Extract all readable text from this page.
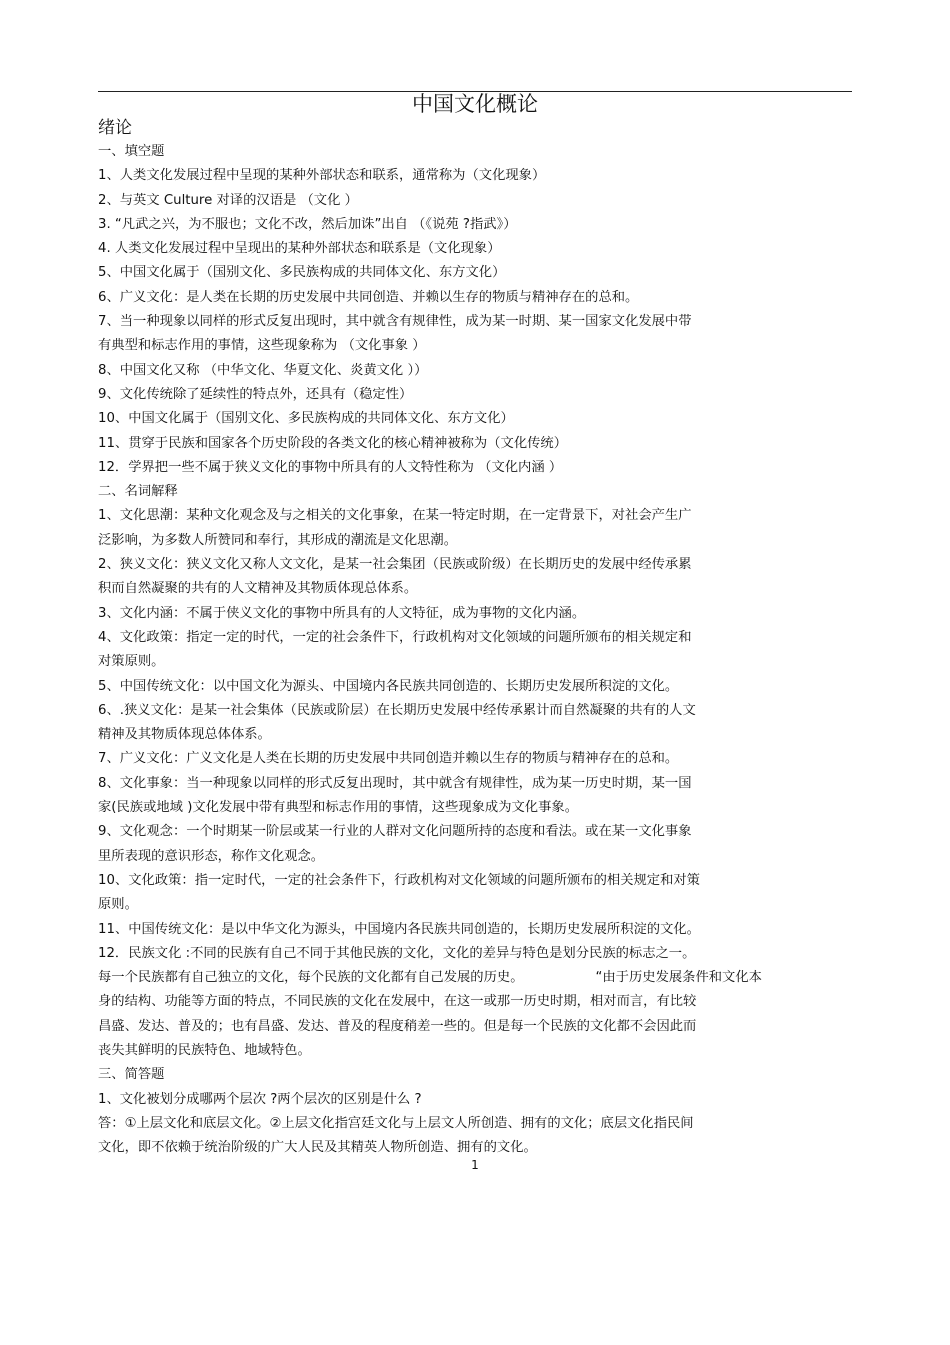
中国文化概论
绪论
一、填空题
1、人类文化发展过程中呈现的某种外部状态和联系，通常称为（文化现象）
2、与英文 Culture 对译的汉语是 （文化 ）
3. “凡武之兴，为不服也；文化不改，然后加诛”出自 （《说苑 ?指武》）
4. 人类文化发展过程中呈现出的某种外部状态和联系是（文化现象）
5、中国文化属于（国别文化、多民族构成的共同体文化、东方文化）
6、广义文化：是人类在长期的历史发展中共同创造、并赖以生存的物质与精神存在的总和。
7、当一种现象以同样的形式反复出现时，其中就含有规律性，成为某一时期、某一国家文化发展中带
有典型和标志作用的事情，这些现象称为 （文化事象 ）
8、中国文化又称 （中华文化、华夏文化、炎黄文化 ））
9、文化传统除了延续性的特点外，还具有（稳定性）
10、中国文化属于（国别文化、多民族构成的共同体文化、东方文化）
11、贯穿于民族和国家各个历史阶段的各类文化的核心精神被称为（文化传统）
12．学界把一些不属于狭义文化的事物中所具有的人文特性称为 （文化内涵 ）
二、名词解释
1、文化思潮：某种文化观念及与之相关的文化事象，在某一特定时期，在一定背景下，对社会产生广
泛影响，为多数人所赞同和奉行，其形成的潮流是文化思潮。
2、狭义文化：狭义文化又称人文文化，是某一社会集团（民族或阶级）在长期历史的发展中经传承累
积而自然凝聚的共有的人文精神及其物质体现总体系。
3、文化内涵：不属于侠义文化的事物中所具有的人文特征，成为事物的文化内涵。
4、文化政策：指定一定的时代，一定的社会条件下，行政机构对文化领域的问题所颁布的相关规定和
对策原则。
5、中国传统文化：以中国文化为源头、中国境内各民族共同创造的、长期历史发展所积淀的文化。
6、.狭义文化：是某一社会集体（民族或阶层）在长期历史发展中经传承累计而自然凝聚的共有的人文
精神及其物质体现总体体系。
7、广义文化：广义文化是人类在长期的历史发展中共同创造并赖以生存的物质与精神存在的总和。
8、文化事象：当一种现象以同样的形式反复出现时，其中就含有规律性，成为某一历史时期，某一国
家(民族或地域 )文化发展中带有典型和标志作用的事情，这些现象成为文化事象。
9、文化观念：一个时期某一阶层或某一行业的人群对文化问题所持的态度和看法。或在某一文化事象
里所表现的意识形态，称作文化观念。
10、文化政策：指一定时代，一定的社会条件下，行政机构对文化领域的问题所颁布的相关规定和对策
原则。
11、中国传统文化：是以中华文化为源头，中国境内各民族共同创造的，长期历史发展所积淀的文化。
12．民族文化 :不同的民族有自己不同于其他民族的文化，文化的差异与特色是划分民族的标志之一。
每一个民族都有自己独立的文化，每个民族的文化都有自己发展的历史。	“由于历史发展条件和文化本
身的结构、功能等方面的特点，不同民族的文化在发展中，在这一或那一历史时期，相对而言，有比较
昌盛、发达、普及的；也有昌盛、发达、普及的程度稍差一些的。但是每一个民族的文化都不会因此而
丧失其鲜明的民族特色、地域特色。
三、简答题
1、文化被划分成哪两个层次 ?两个层次的区别是什么 ?
答：①上层文化和底层文化。②上层文化指宫廷文化与上层文人所创造、拥有的文化；底层文化指民间
文化，即不依赖于统治阶级的广大人民及其精英人物所创造、拥有的文化。
1
